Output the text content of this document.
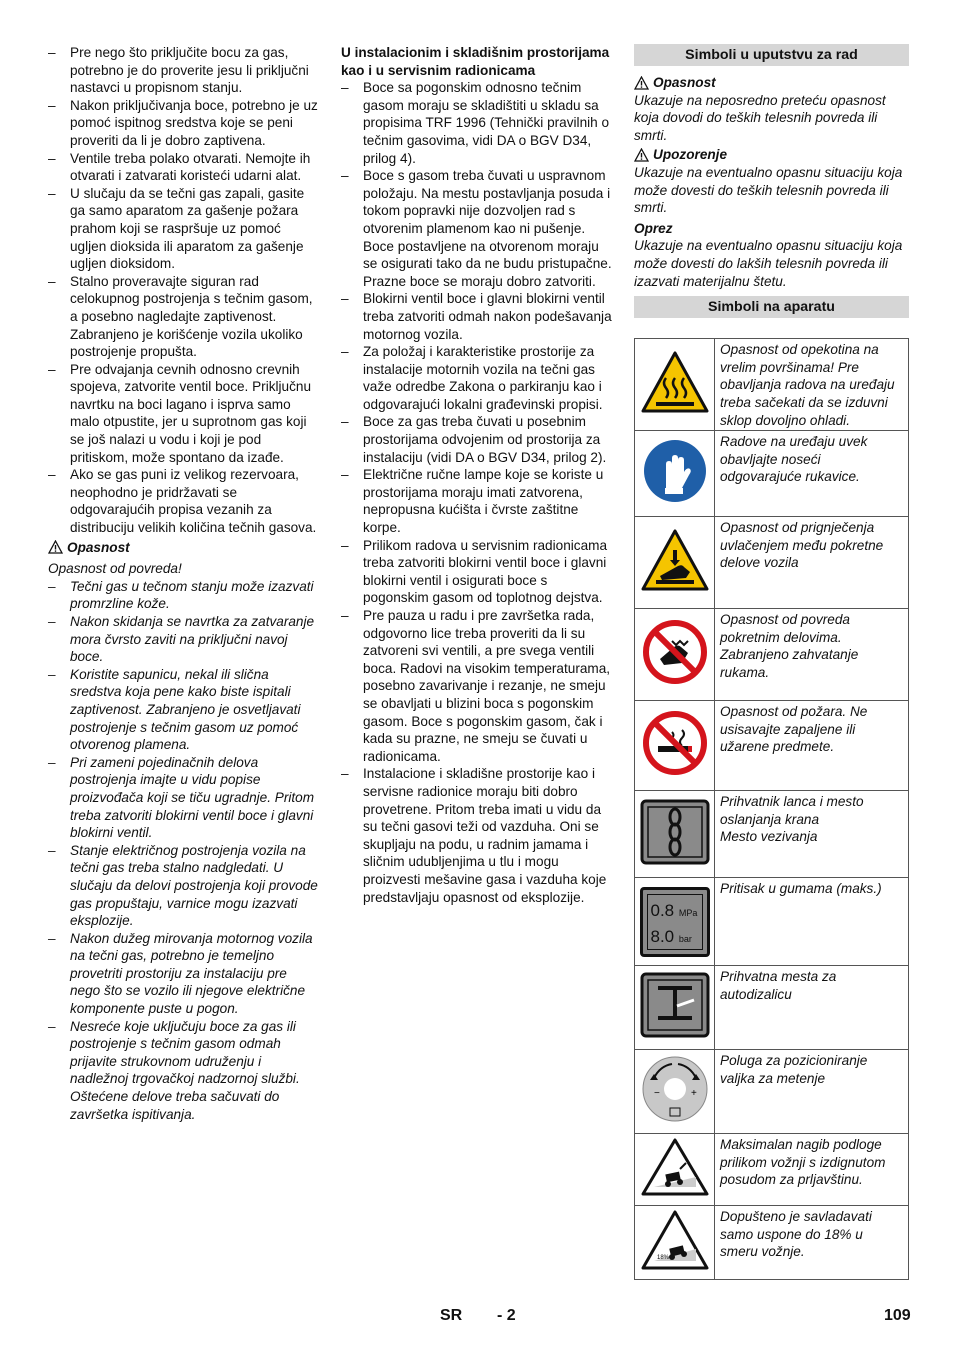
– Pre nego što priključite bocu za gas, potrebno je do proverite jesu li priključni nastavci u propisnom stanju.
– Nakon priključivanja boce, potrebno je uz pomoć ispitnog sredstva koje se peni proveriti da li je dobro zaptivena.
– Ventile treba polako otvarati. Nemojte ih otvarati i zatvarati koristeći udarni alat.
– U slučaju da se tečni gas zapali, gasite ga samo aparatom za gašenje požara prahom koji se raspršuje uz pomoć ugljen dioksida ili aparatom za gašenje ugljen dioksidom.
– Stalno proveravajte siguran rad celokupnog postrojenja s tečnim gasom, a posebno nagledajte zaptivenost. Zabranjeno je korišćenje vozila ukoliko postrojenje propušta.
– Pre odvajanja cevnih odnosno crevnih spojeva, zatvorite ventil boce. Priključnu navrtku na boci lagano i isprva samo malo otpustite, jer u suprotnom gas koji se još nalazi u vodu i koji je pod pritiskom, može spontano da izađe.
– Ako se gas puni iz velikog rezervoara, neophodno je pridržavati se odgovarajućih propisa vezanih za distribuciju velikih količina tečnih gasova.
Opasnost
Opasnost od povreda!
– Tečni gas u tečnom stanju može izazvati promrzline kože.
– Nakon skidanja se navrtka za zatvaranje mora čvrsto zaviti na priključni navoj boce.
– Koristite sapunicu, nekal ili slična sredstva koja pene kako biste ispitali zaptivenost. Zabranjeno je osvetljavati postrojenje s tečnim gasom uz pomoć otvorenog plamena.
– Pri zameni pojedinačnih delova postrojenja imajte u vidu popise proizvođača koji se tiču ugradnje. Pritom treba zatvoriti blokirni ventil boce i glavni blokirni ventil.
– Stanje električnog postrojenja vozila na tečni gas treba stalno nadgledati. U slučaju da delovi postrojenja koji provode gas propuštaju, varnice mogu izazvati eksplozije.
– Nakon dužeg mirovanja motornog vozila na tečni gas, potrebno je temeljno provetriti prostoriju za instalaciju pre nego što se vozilo ili njegove električne komponente puste u pogon.
– Nesreće koje uključuju boce za gas ili postrojenje s tečnim gasom odmah prijavite strukovnom udruženju i nadležnoj trgovačkoj nadzornoj službi. Oštećene delove treba sačuvati do završetka ispitivanja.
U instalacionim i skladišnim prostorijama kao i u servisnim radionicama
– Boce sa pogonskim odnosno tečnim gasom moraju se skladištiti u skladu sa propisima TRF 1996 (Tehnički pravilnih o tečnim gasovima, vidi DA o BGV D34, prilog 4).
– Boce s gasom treba čuvati u uspravnom položaju. Na mestu postavljanja posuda i tokom popravki nije dozvoljen rad s otvorenim plamenom kao ni pušenje. Boce postavljene na otvorenom moraju se osigurati tako da ne budu pristupačne. Prazne boce se moraju dobro zatvoriti.
– Blokirni ventil boce i glavni blokirni ventil treba zatvoriti odmah nakon podešavanja motornog vozila.
– Za položaj i karakteristike prostorije za instalacije motornih vozila na tečni gas važe odredbe Zakona o parkiranju kao i odgovarajući lokalni građevinski propisi.
– Boce za gas treba čuvati u posebnim prostorijama odvojenim od prostorija za instalaciju (vidi DA o BGV D34, prilog 2).
– Električne ručne lampe koje se koriste u prostorijama moraju imati zatvorena, nepropusna kućišta i čvrste zaštitne korpe.
– Prilikom radova u servisnim radionicama treba zatvoriti blokirni ventil boce i glavni blokirni ventil i osigurati boce s pogonskim gasom od toplotnog dejstva.
– Pre pauza u radu i pre završetka rada, odgovorno lice treba proveriti da li su zatvoreni svi ventili, a pre svega ventili boca. Radovi na visokim temperaturama, posebno zavarivanje i rezanje, ne smeju se obavljati u blizini boca s pogonskim gasom. Boce s pogonskim gasom, čak i kada su prazne, ne smeju se čuvati u radionicama.
– Instalacione i skladišne prostorije kao i servisne radionice moraju biti dobro provetrene. Pritom treba imati u vidu da su tečni gasovi teži od vazduha. Oni se skupljaju na podu, u radnim jamama i sličnim udubljenjima u tlu i mogu proizvesti mešavine gasa i vazduha koje predstavljaju opasnost od eksplozije.
Simboli u uputstvu za rad
Opasnost
Ukazuje na neposredno preteću opasnost koja dovodi do teških telesnih povreda ili smrti.
Upozorenje
Ukazuje na eventualno opasnu situaciju koja može dovesti do teških telesnih povreda ili smrti.
Oprez
Ukazuje na eventualno opasnu situaciju koja može dovesti do lakših telesnih povreda ili izazvati materijalnu štetu.
Simboli na aparatu
	Opasnost od opekotina na vrelim površinama! Pre obavljanja radova na uređaju treba sačekati da se izduvni sklop dovoljno ohladi.
	Radove na uređaju uvek obavljajte noseći odgovarajuće rukavice.
	Opasnost od prignječenja uvlačenjem među pokretne delove vozila
	Opasnost od povreda pokretnim delovima. Zabranjeno zahvatanje rukama.
	Opasnost od požara. Ne usisavajte zapaljene ili užarene predmete.
	Prihvatnik lanca i mesto oslanjanja krana
Mesto vezivanja

0.8 MPa
8.0 bar	Pritisak u gumama (maks.)
	Prihvatna mesta za autodizalicu

− +	Poluga za pozicioniranje valjka za metenje
	Maksimalan nagib podloge prilikom vožnji s izdignutom posudom za prljavštinu.

18%	Dopušteno je savladavati samo uspone do 18% u smeru vožnje.
SR - 2	109
